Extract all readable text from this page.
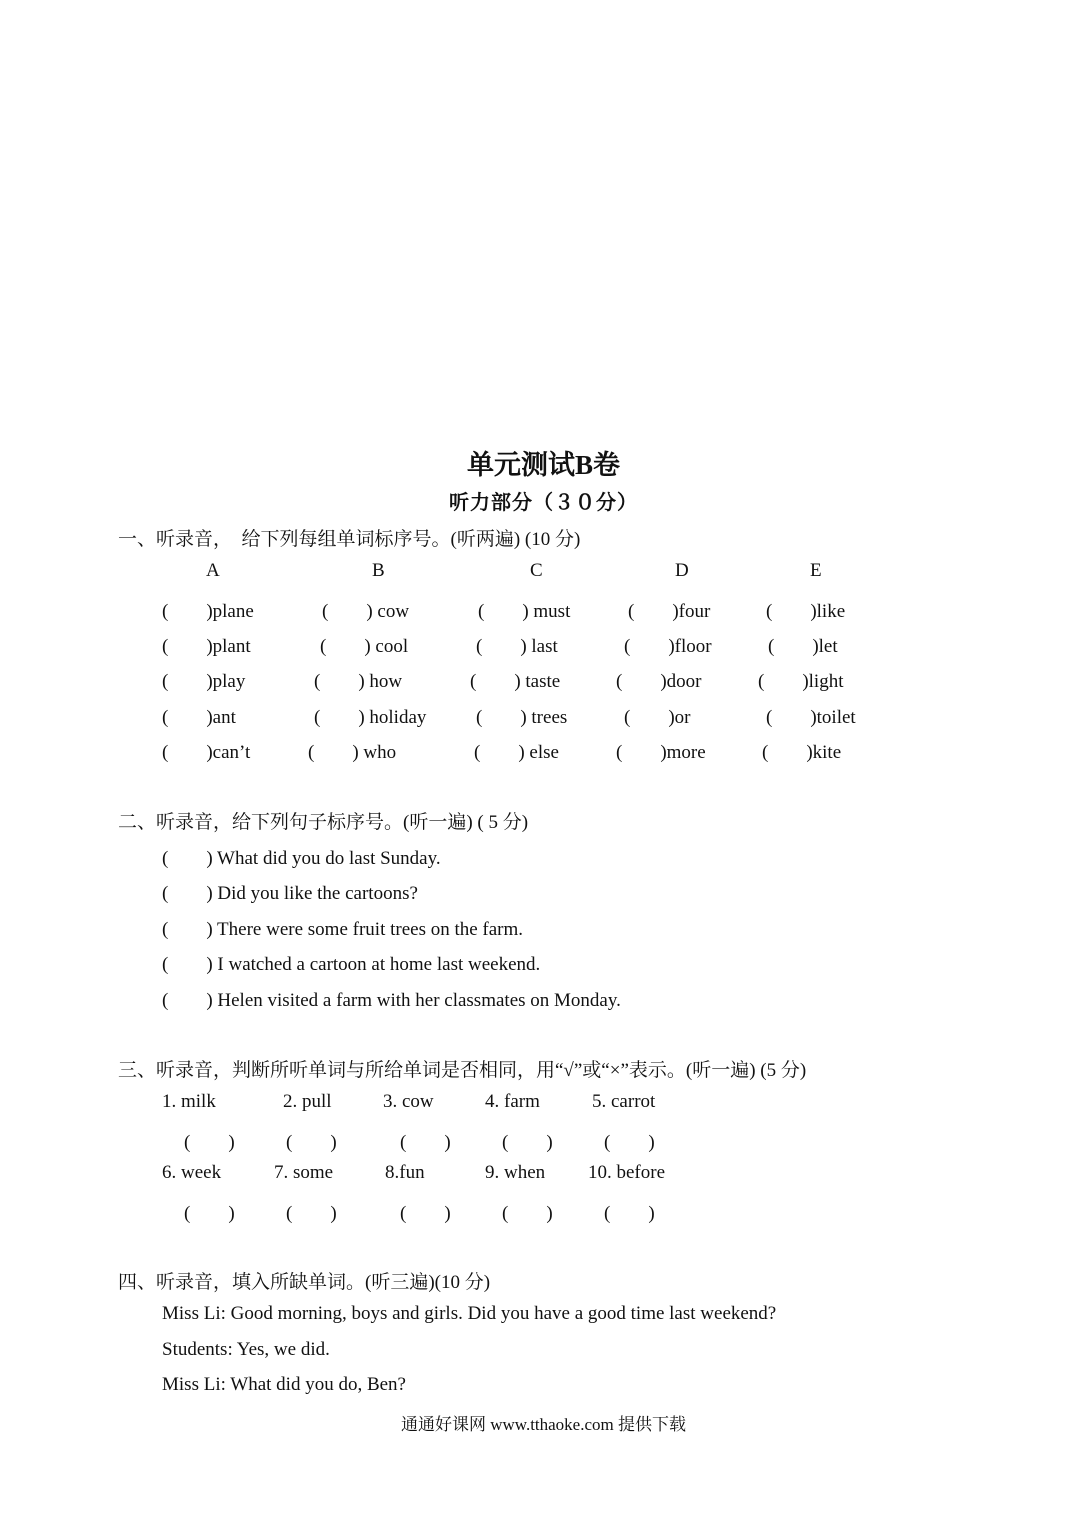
单元测试B卷
听力部分（３０分）
一、听录音，　给下列每组单词标序号。(听两遍) (10 分)
A	B	C	D	E
(　　)plane	(　　) cow	(　　) must	(　　)four	(　　)like
(　　)plant	(　　) cool	(　　) last	(　　)floor	(　　)let
(　　)play	(　　) how	(　　) taste	(　　)door	(　　)light
(　　)ant	(　　) holiday	(　　) trees	(　　)or	(　　)toilet
(　　)can’t	(　　) who	(　　) else	(　　)more	(　　)kite
二、听录音，给下列句子标序号。(听一遍) ( 5 分)
(　　) What did you do last Sunday.
(　　) Did you like the cartoons?
(　　) There were some fruit trees on the farm.
(　　) I watched a cartoon at home last weekend.
(　　) Helen visited a farm with her classmates on Monday.
三、听录音，判断所听单词与所给单词是否相同，用“√”或“×”表示。(听一遍) (5 分)
1. milk	2. pull	3. cow	4. farm	5. carrot
(　　)	(　　)	(　　)	(　　)	(　　)
6. week	7. some	8.fun	9. when 10. before
(　　)	(　　)	(　　)	(　　)	(　　)
四、听录音，填入所缺单词。(听三遍)(10 分)
Miss Li: Good morning, boys and girls. Did you have a good time last weekend?
Students: Yes, we did.
Miss Li: What did you do, Ben?
通通好课网 www.tthaoke.com 提供下载
